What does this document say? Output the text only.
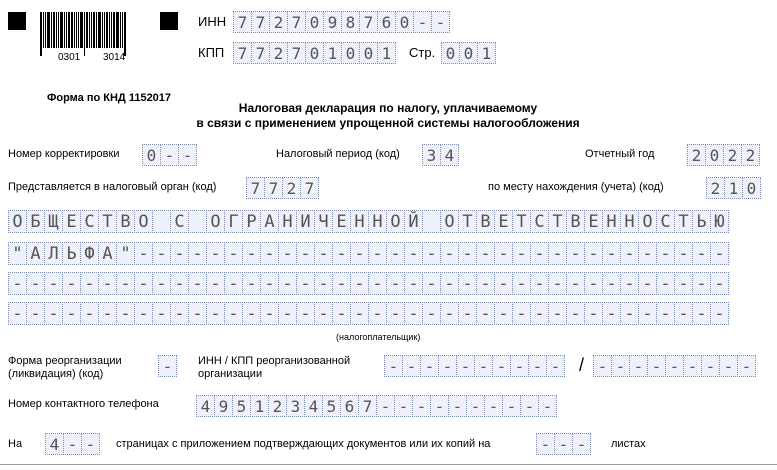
0301 3014
ИНН 7 7 2 7 0 9 8 7 6 0 - -
КПП 7 7 2 7 0 1 0 0 1	Стр. 0 0 1
Форма по КНД 1152017
Налоговая декларация по налогу, уплачиваемому
в связи с применением упрощенной системы налогообложения
Номер корректировки 0 - -	Налоговый период (код) 3 4	Отчетный год 2 0 2 2
Представляется в налоговый орган (код) 7 7 2 7	по месту нахождения (учета) (код)	2 1 0
О Б Щ Е С Т В О С О Г Р А Н И Ч Е Н Н О Й О Т В Е Т С Т В Е Н Н О С Т Ь Ю
" А Л Ь Ф А " - - - - - - - - - - - - - - - - - - - - - - - - - - - - - - - - -
- - - - - - - - - - - - - - - - - - - - - - - - - - - - - - - - - - - - - - - -
- - - - - - - - - - - - - - - - - - - - - - - - - - - - - - - - - - - - - - - -
(налогоплательщик)
Форма реорганизации
(ликвидация) (код)	-	ИНН / КПП реорганизованной
организации	- - - - - - - - - - / - - - - - - - - -
Номер контактного телефона	4 9 5 1 2 3 4 5 6 7 - - - - - - - - - -
На 4 - -	страницах с приложением подтверждающих документов или их копий на	- - -	листах
